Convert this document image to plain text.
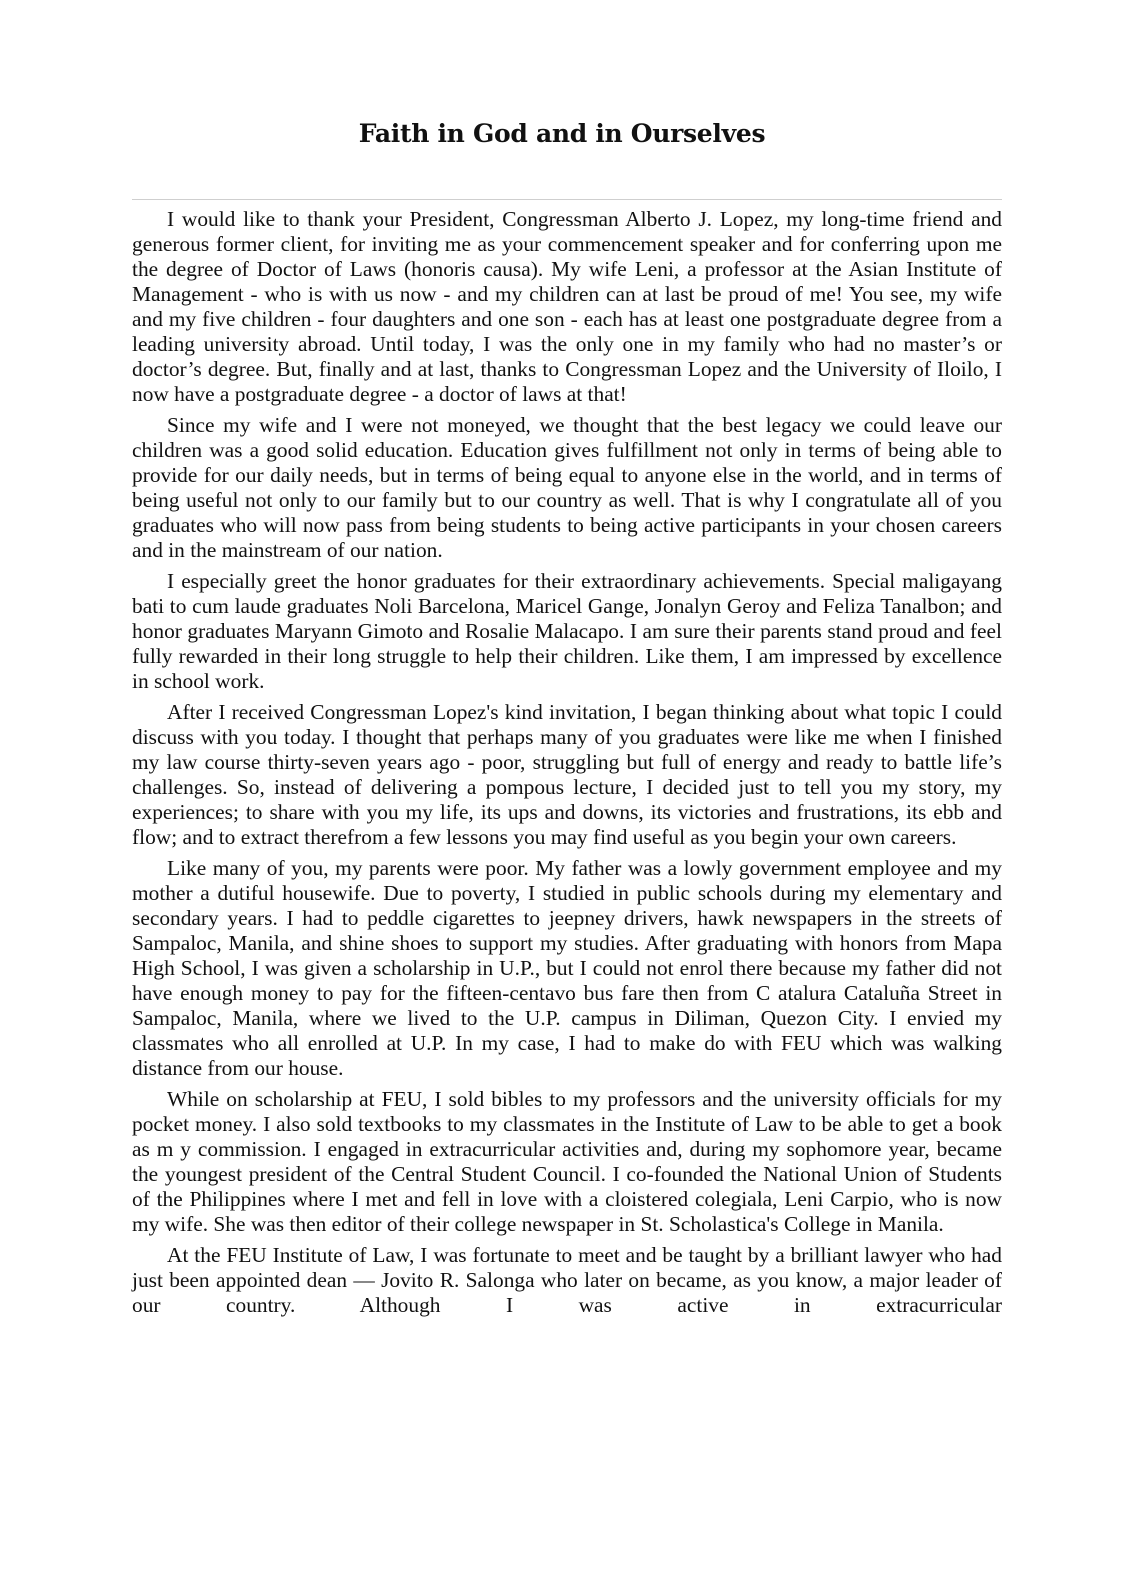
Faith in God and in Ourselves

I would like to thank your President, Congressman Alberto J. Lopez, my long-time friend and generous former client, for inviting me as your commencement speaker and for conferring upon me the degree of Doctor of Laws (honoris causa). My wife Leni, a professor at the Asian Institute of Management - who is with us now - and my children can at last be proud of me! You see, my wife and my five children - four daughters and one son - each has at least one postgraduate degree from a leading university abroad. Until today, I was the only one in my family who had no master’s or doctor’s degree. But, finally and at last, thanks to Congressman Lopez and the University of Iloilo, I now have a postgraduate degree - a doctor of laws at that!

Since my wife and I were not moneyed, we thought that the best legacy we could leave our children was a good solid education. Education gives fulfillment not only in terms of being able to provide for our daily needs, but in terms of being equal to anyone else in the world, and in terms of being useful not only to our family but to our country as well. That is why I congratulate all of you graduates who will now pass from being students to being active participants in your chosen careers and in the mainstream of our nation.

I especially greet the honor graduates for their extraordinary achievements. Special maligayang bati to cum laude graduates Noli Barcelona, Maricel Gange, Jonalyn Geroy and Feliza Tanalbon; and honor graduates Maryann Gimoto and Rosalie Malacapo. I am sure their parents stand proud and feel fully rewarded in their long struggle to help their children. Like them, I am impressed by excellence in school work.

After I received Congressman Lopez's kind invitation, I began thinking about what topic I could discuss with you today. I thought that perhaps many of you graduates were like me when I finished my law course thirty-seven years ago - poor, struggling but full of energy and ready to battle life’s challenges. So, instead of delivering a pompous lecture, I decided just to tell you my story, my experiences; to share with you my life, its ups and downs, its victories and frustrations, its ebb and flow; and to extract therefrom a few lessons you may find useful as you begin your own careers.

Like many of you, my parents were poor. My father was a lowly government employee and my mother a dutiful housewife. Due to poverty, I studied in public schools during my elementary and secondary years. I had to peddle cigarettes to jeepney drivers, hawk newspapers in the streets of Sampaloc, Manila, and shine shoes to support my studies. After graduating with honors from Mapa High School, I was given a scholarship in U.P., but I could not enrol there because my father did not have enough money to pay for the fifteen-centavo bus fare then from C atalura Cataluña Street in Sampaloc, Manila, where we lived to the U.P. campus in Diliman, Quezon City. I envied my classmates who all enrolled at U.P. In my case, I had to make do with FEU which was walking distance from our house.

While on scholarship at FEU, I sold bibles to my professors and the university officials for my pocket money. I also sold textbooks to my classmates in the Institute of Law to be able to get a book as m y commission. I engaged in extracurricular activities and, during my sophomore year, became the youngest president of the Central Student Council. I co-founded the National Union of Students of the Philippines where I met and fell in love with a cloistered colegiala, Leni Carpio, who is now my wife. She was then editor of their college newspaper in St. Scholastica's College in Manila.

At the FEU Institute of Law, I was fortunate to meet and be taught by a brilliant lawyer who had just been appointed dean — Jovito R. Salonga who later on became, as you know, a major leader of our country. Although I was active in extracurricular
